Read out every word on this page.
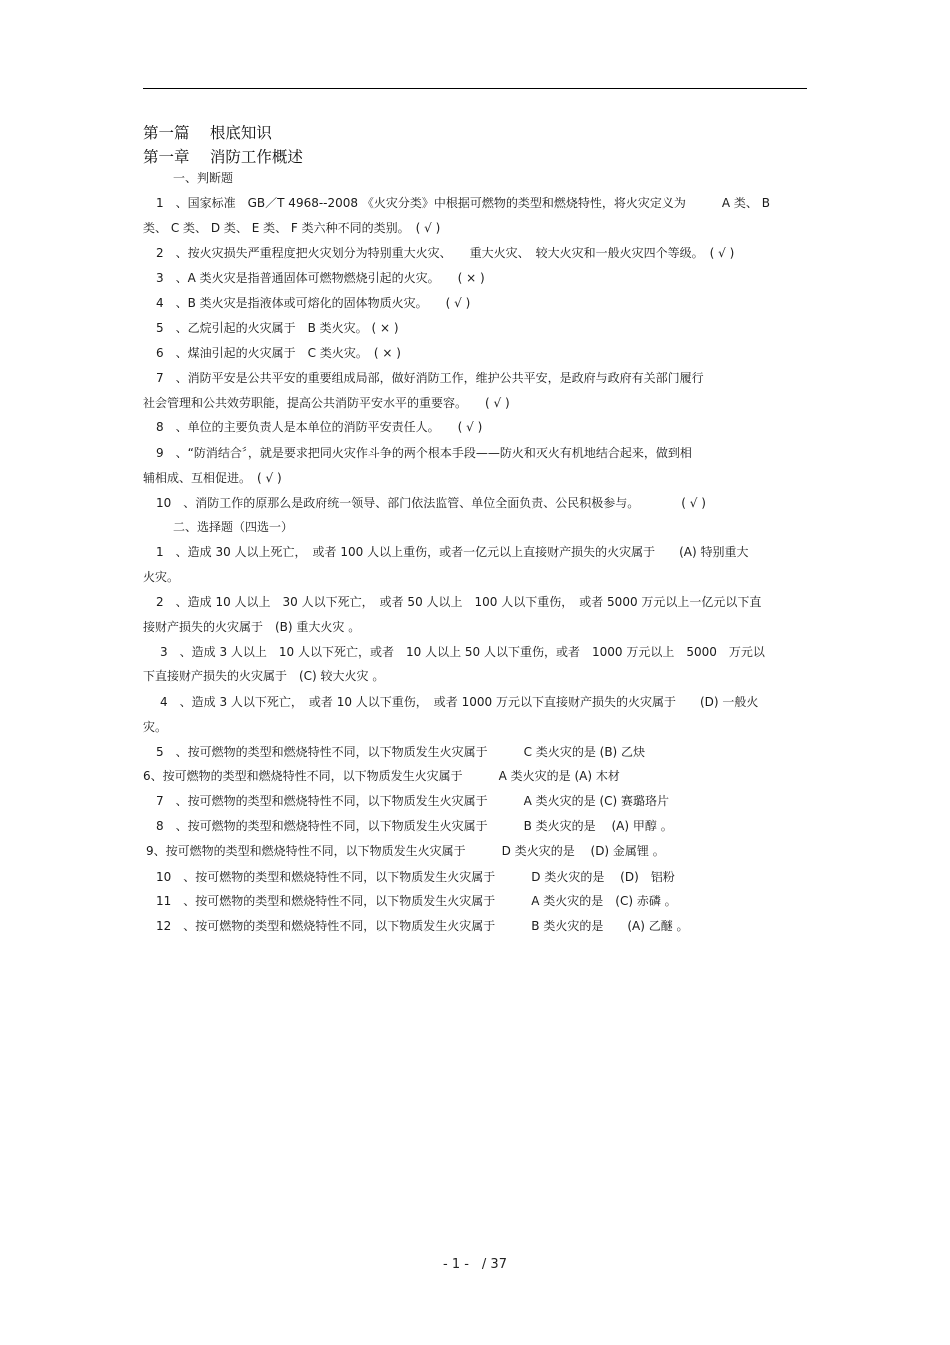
第一篇　 根底知识
第一章　 消防工作概述
一、判断题
1　、国家标准　GB／T 4968--2008 《火灾分类》中根据可燃物的类型和燃烧特性，将火灾定义为　　　A 类、 B
类、 C 类、 D 类、 E 类、 F 类六种不同的类别。　( √ )
2　、按火灾损失严重程度把火灾划分为特别重大火灾、　　重大火灾、　较大火灾和一般火灾四个等级。　( √ )
3　、A 类火灾是指普通固体可燃物燃烧引起的火灾。　　( × )
4　、B 类火灾是指液体或可熔化的固体物质火灾。　　( √ )
5　、乙烷引起的火灾属于　B 类火灾。 ( × )
6　、煤油引起的火灾属于　C 类火灾。　( × )
7　、消防平安是公共平安的重要组成局部，做好消防工作，维护公共平安，是政府与政府有关部门履行
社会管理和公共效劳职能，提高公共消防平安水平的重要容。　　( √ )
8　、单位的主要负责人是本单位的消防平安责任人。　　( √ )
9　、“防消结合〞，就是要求把同火灾作斗争的两个根本手段——防火和灭火有机地结合起来，做到相
辅相成、互相促进。　( √ )
10　、消防工作的原那么是政府统一领导、部门依法监管、单位全面负责、公民积极参与。　　　　( √ )
二、选择题（四选一）
1　、造成 30 人以上死亡，　或者 100 人以上重伤，或者一亿元以上直接财产损失的火灾属于　　(A) 特别重大
火灾。
2　、造成 10 人以上　30 人以下死亡，　或者 50 人以上　100 人以下重伤，　或者 5000 万元以上一亿元以下直
接财产损失的火灾属于　(B) 重大火灾 。
3　、造成 3 人以上　10 人以下死亡，或者　10 人以上 50 人以下重伤，或者　1000 万元以上　5000　万元以
下直接财产损失的火灾属于　(C) 较大火灾 。
4　、造成 3 人以下死亡，　或者 10 人以下重伤，　或者 1000 万元以下直接财产损失的火灾属于　　(D) 一般火
灾。
5　、按可燃物的类型和燃烧特性不同，以下物质发生火灾属于　　　C 类火灾的是 (B) 乙炔
6、按可燃物的类型和燃烧特性不同，以下物质发生火灾属于　　　A 类火灾的是 (A) 木材
7　、按可燃物的类型和燃烧特性不同，以下物质发生火灾属于　　　A 类火灾的是 (C) 赛璐珞片
8　、按可燃物的类型和燃烧特性不同，以下物质发生火灾属于　　　B 类火灾的是　 (A) 甲醇 。
9、按可燃物的类型和燃烧特性不同，以下物质发生火灾属于　　　D 类火灾的是　 (D) 金属锂 。
10　、按可燃物的类型和燃烧特性不同，以下物质发生火灾属于　　　D 类火灾的是　 (D)　铝粉
11　、按可燃物的类型和燃烧特性不同，以下物质发生火灾属于　　　A 类火灾的是　(C) 赤磷 。
12　、按可燃物的类型和燃烧特性不同，以下物质发生火灾属于　　　B 类火灾的是　　(A) 乙醚 。
- 1 -　/ 37
